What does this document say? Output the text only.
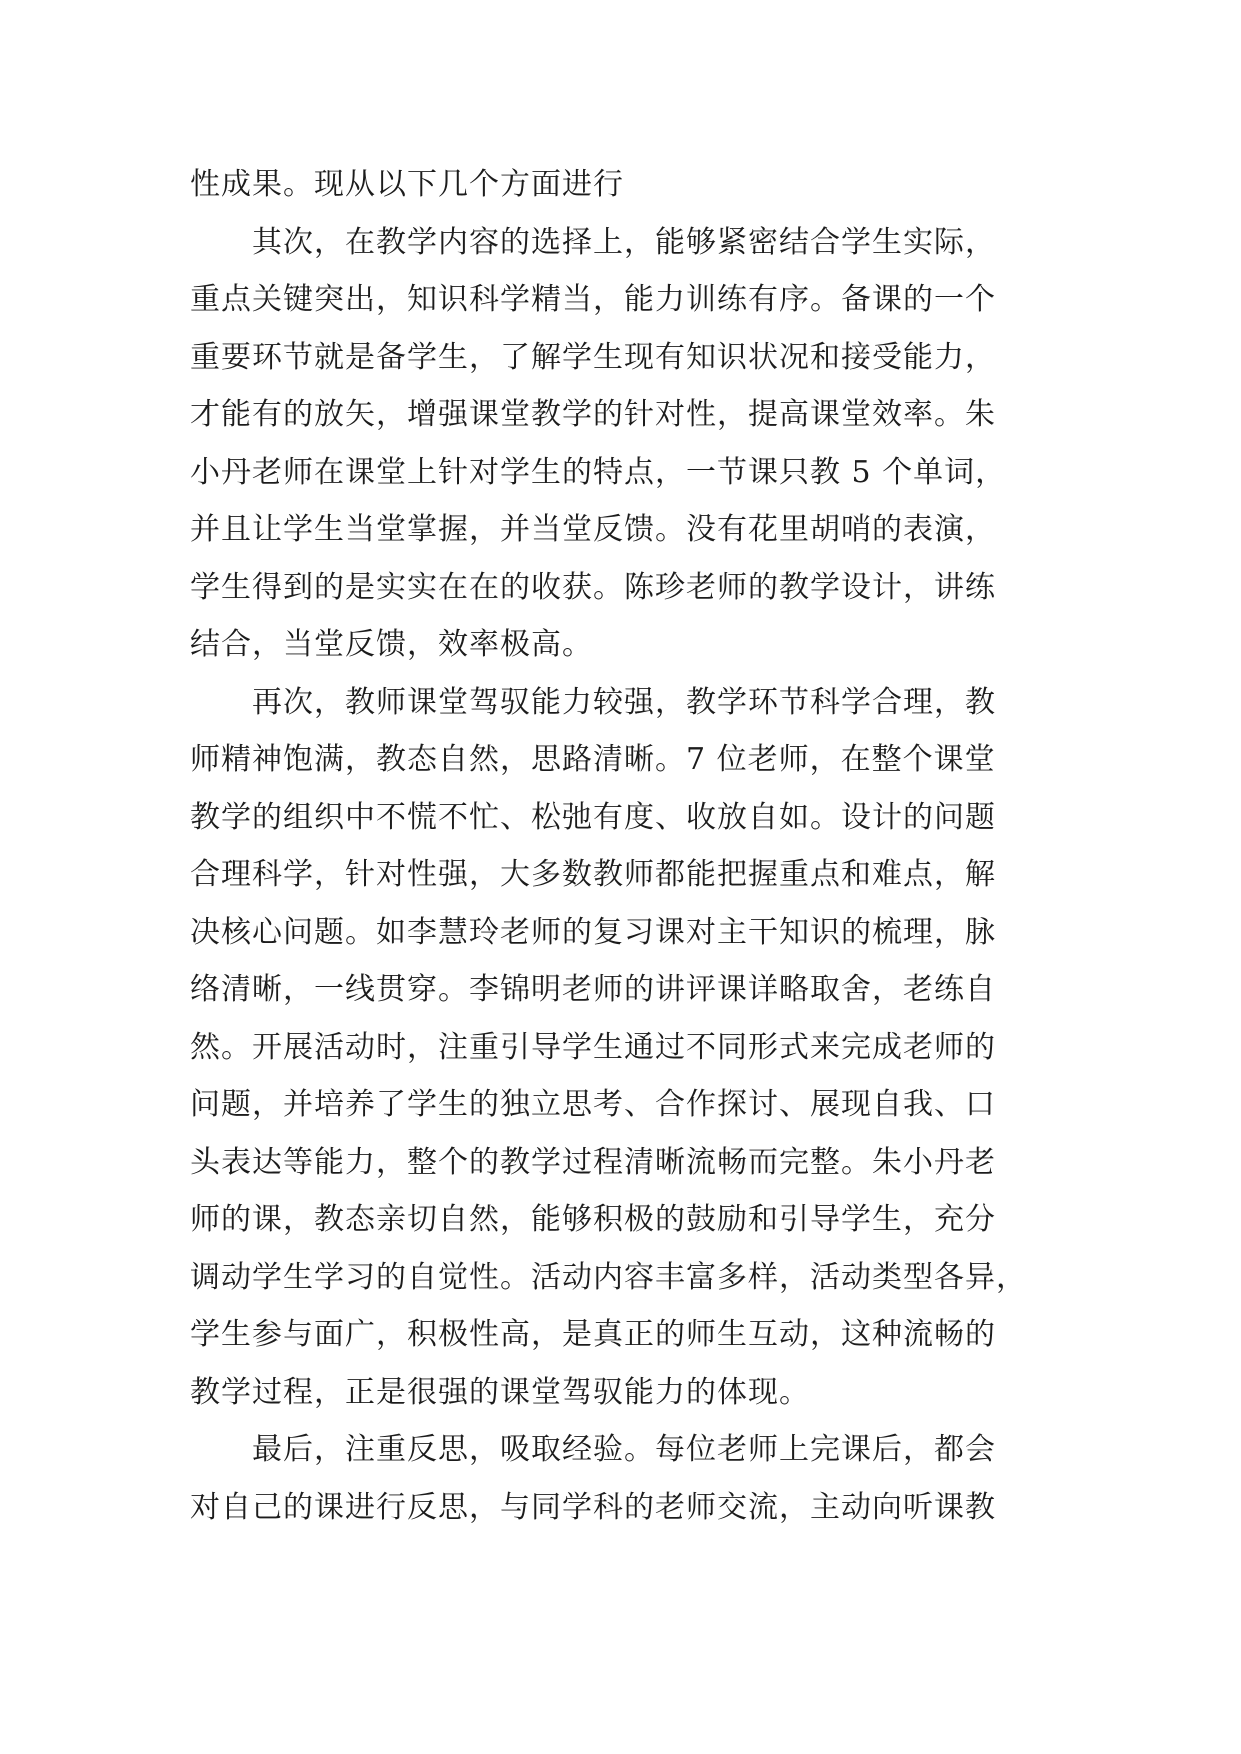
性成果。现从以下几个方面进行
其次，在教学内容的选择上，能够紧密结合学生实际，
重点关键突出，知识科学精当，能力训练有序。备课的一个
重要环节就是备学生，了解学生现有知识状况和接受能力，
才能有的放矢，增强课堂教学的针对性，提高课堂效率。朱
小丹老师在课堂上针对学生的特点，一节课只教 5 个单词，
并且让学生当堂掌握，并当堂反馈。没有花里胡哨的表演，
学生得到的是实实在在的收获。陈珍老师的教学设计，讲练
结合，当堂反馈，效率极高。
再次，教师课堂驾驭能力较强，教学环节科学合理，教
师精神饱满，教态自然，思路清晰。7 位老师，在整个课堂
教学的组织中不慌不忙、松弛有度、收放自如。设计的问题
合理科学，针对性强，大多数教师都能把握重点和难点，解
决核心问题。如李慧玲老师的复习课对主干知识的梳理，脉
络清晰，一线贯穿。李锦明老师的讲评课详略取舍，老练自
然。开展活动时，注重引导学生通过不同形式来完成老师的
问题，并培养了学生的独立思考、合作探讨、展现自我、口
头表达等能力，整个的教学过程清晰流畅而完整。朱小丹老
师的课，教态亲切自然，能够积极的鼓励和引导学生，充分
调动学生学习的自觉性。活动内容丰富多样，活动类型各异，
学生参与面广，积极性高，是真正的师生互动，这种流畅的
教学过程，正是很强的课堂驾驭能力的体现。
最后，注重反思，吸取经验。每位老师上完课后，都会
对自己的课进行反思，与同学科的老师交流，主动向听课教
